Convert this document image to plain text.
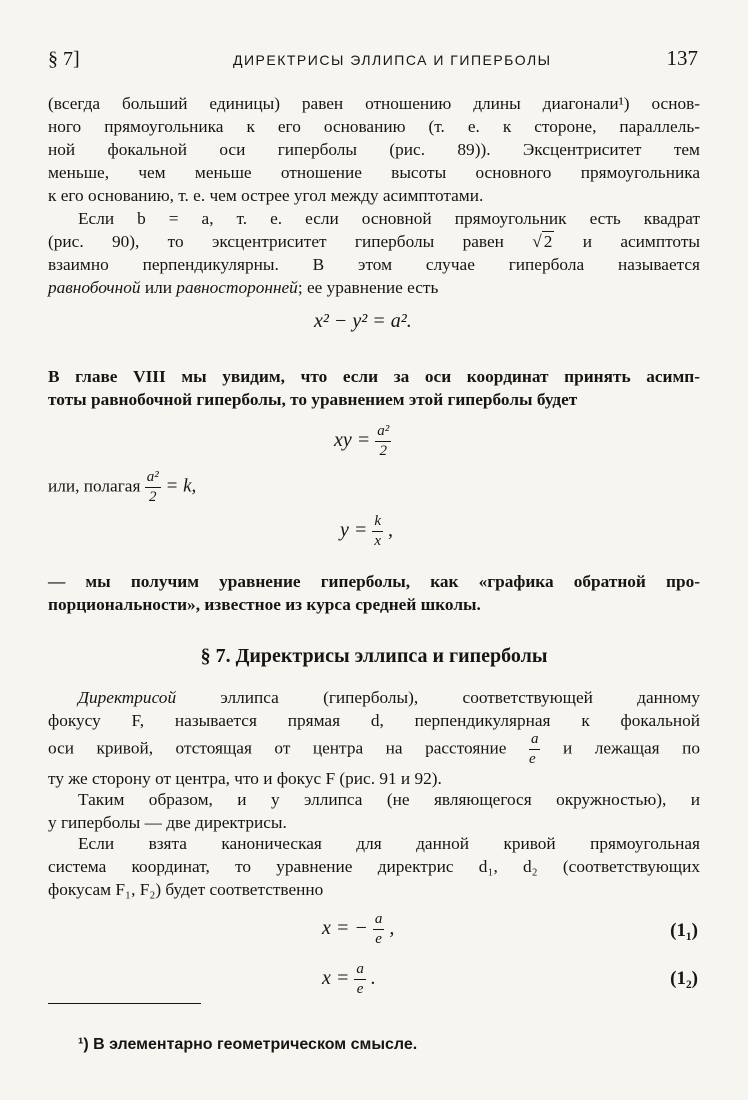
§ 7]	ДИРЕКТРИСЫ ЭЛЛИПСА И ГИПЕРБОЛЫ	137

(всегда больший единицы) равен отношению длины диагонали¹) основ-
ного прямоугольника к его основанию (т. е. к стороне, параллель-
ной фокальной оси гиперболы (рис. 89)). Эксцентриситет тем
меньше, чем меньше отношение высоты основного прямоугольника
к его основанию, т. е. чем острее угол между асимптотами.

Если b = a, т. е. если основной прямоугольник есть квадрат
(рис. 90), то эксцентриситет гиперболы равен √ 2 и асимптоты
взаимно перпендикулярны. В этом случае гипербола называется
равнобочной или равносторонней; ее уравнение есть

x² − y² = a².

В главе VIII мы увидим, что если за оси координат принять асимп-
тоты равнобочной гиперболы, то уравнением этой гиперболы будет

xy = $\frac{\text{a²}}{2}$
или, полагая $\frac{\text{a²}}{2} = k$,
$y = \frac{k}{x}$ ,

— мы получим уравнение гиперболы, как «графика обратной про-
порциональности», известное из курса средней школы.

§ 7. Директрисы эллипса и гиперболы

Директрисой эллипса (гиперболы), соответствующей данному
фокусу F, называется прямая d, перпендикулярная к фокальной
оси кривой, отстоящая от центра на расстояние $\frac{a}{e}$ и лежащая по
ту же сторону от центра, что и фокус F (рис. 91 и 92).

Таким образом, и у эллипса (не являющегося окружностью), и
у гиперболы — две директрисы.

Если взята каноническая для данной кривой прямоугольная
система координат, то уравнение директрис d₁, d₂ (соответствующих
фокусам F₁, F₂) будет соответственно

x = − $\frac{a}{e}$ ,	(1₁)
$x = \frac{a}{e}$ .	(1₂)
¹) В элементарно геометрическом смысле.
